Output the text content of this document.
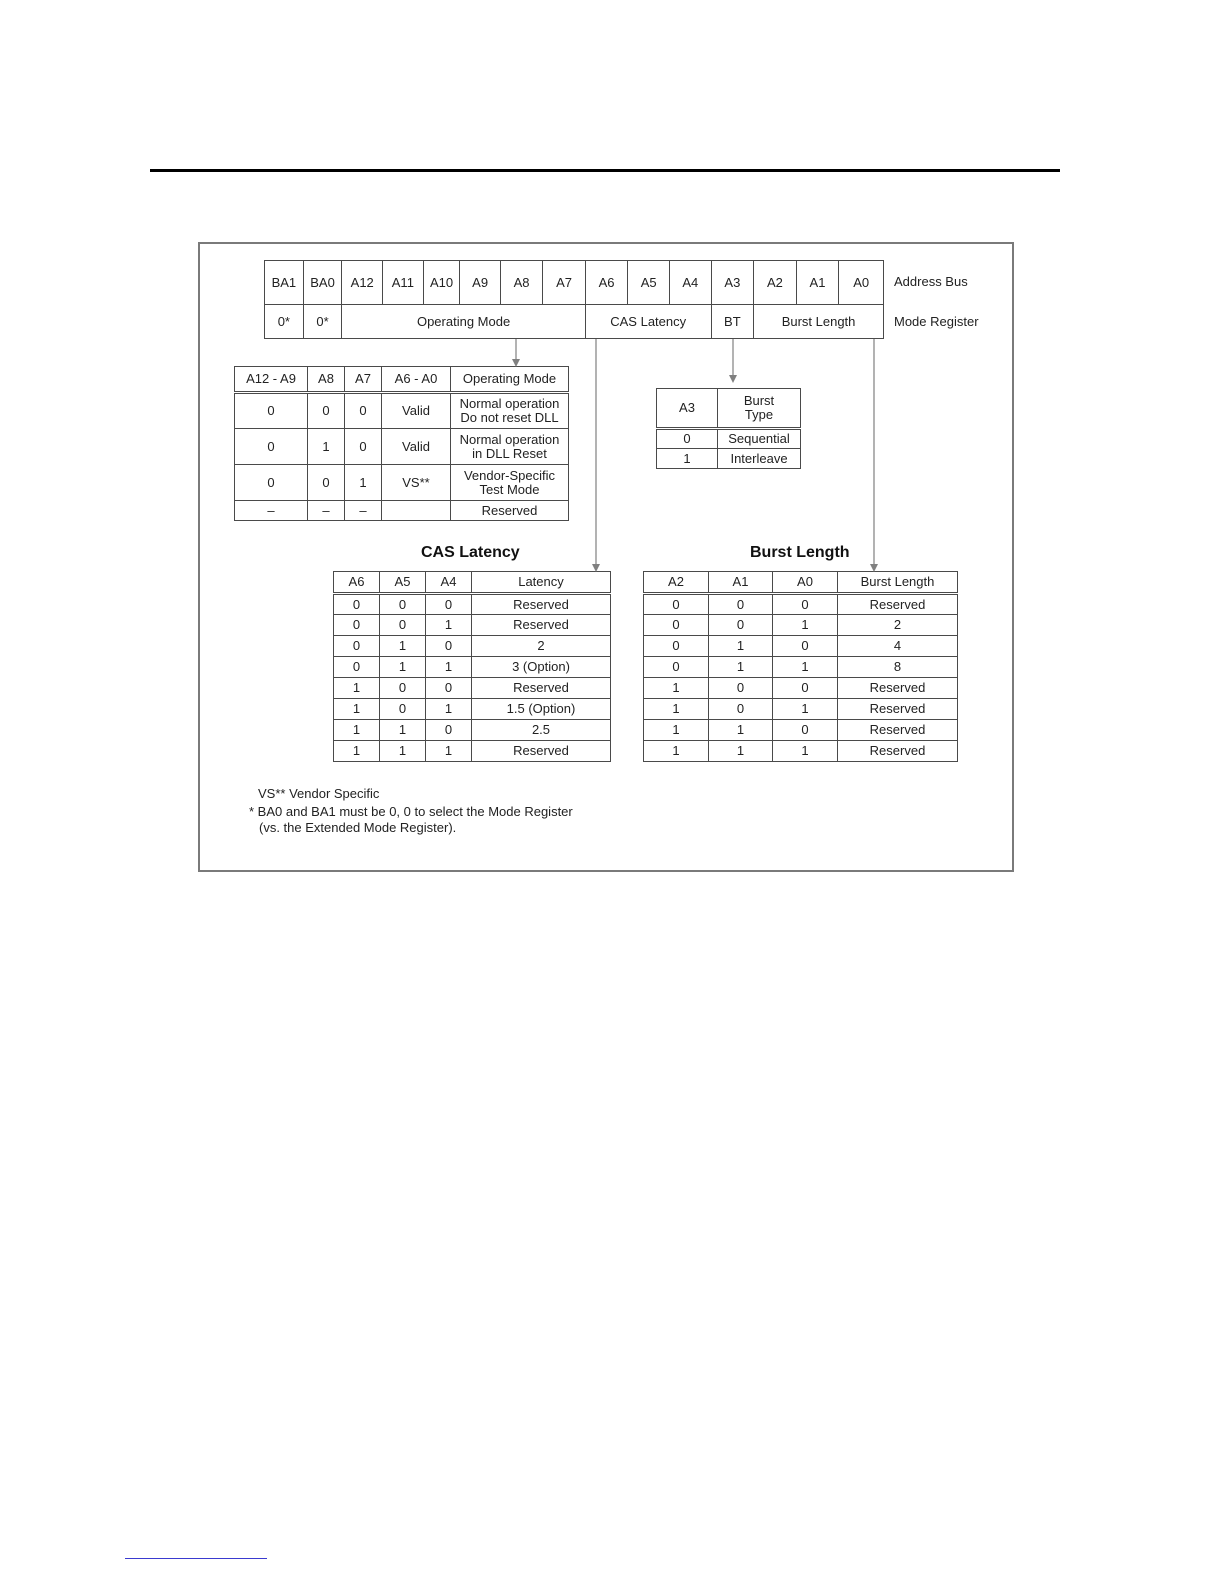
BA1	BA0	A12	A11	A10	A9	A8	A7	A6	A5	A4	A3	A2	A1	A0
0*	0*	Operating Mode						CAS Latency			BT	Burst Length		
Address Bus
Mode Register
A12 - A9	A8	A7	A6 - A0	Operating Mode
0	0	0	Valid	Normal operation
Do not reset DLL

0	1	0	Valid	Normal operation
in DLL Reset

0	0	1	VS**	Vendor-Specific
Test Mode

–	–	–		Reserved
A3	Burst
Type

0	Sequential
1	Interleave
CAS Latency	Burst Length
A6	A5	A4	Latency
0	0	0	Reserved
0	0	1	Reserved
0	1	0	2
0	1	1	3 (Option)
1	0	0	Reserved
1	0	1	1.5 (Option)
1	1	0	2.5
1	1	1	Reserved
A2	A1	A0	Burst Length
0	0	0	Reserved
0	0	1	2
0	1	0	4
0	1	1	8
1	0	0	Reserved
1	0	1	Reserved
1	1	0	Reserved
1	1	1	Reserved
VS** Vendor Specific
* BA0 and BA1 must be 0, 0 to select the Mode Register
(vs. the Extended Mode Register).
